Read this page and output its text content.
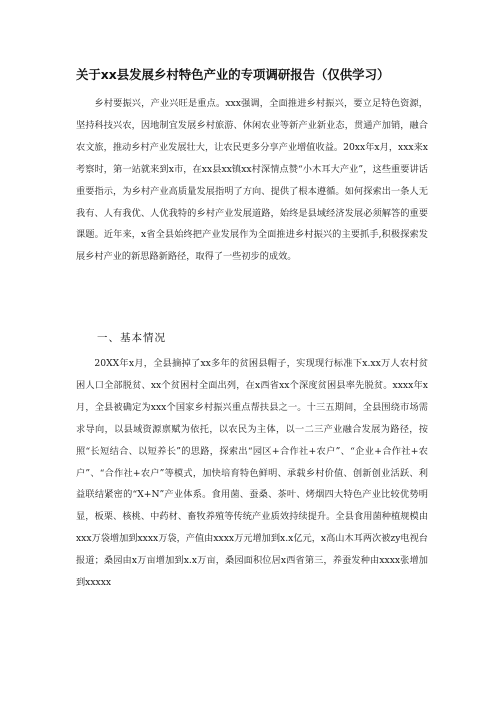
关于xx县发展乡村特色产业的专项调研报告（仅供学习）

乡村要振兴，产业兴旺是重点。xxx强调，全面推进乡村振兴，要立足特色资源，坚持科技兴农，因地制宜发展乡村旅游、休闲农业等新产业新业态，贯通产加销，融合农文旅，推动乡村产业发展壮大，让农民更多分享产业增值收益。20xx年x月，xxx来x考察时，第一站就来到x市，在xx县xx镇xx村深情点赞“小木耳大产业”，这些重要讲话重要指示，为乡村产业高质量发展指明了方向、提供了根本遵循。如何探索出一条人无我有、人有我优、人优我特的乡村产业发展道路，始终是县域经济发展必须解答的重要课题。近年来，x省全县始终把产业发展作为全面推进乡村振兴的主要抓手,积极探索发展乡村产业的新思路新路径，取得了一些初步的成效。

一、基本情况

20XX年x月，全县摘掉了xx多年的贫困县帽子，实现现行标准下x.xx万人农村贫困人口全部脱贫、xx个贫困村全面出列，在x西省xx个深度贫困县率先脱贫。xxxx年x月，全县被确定为xxx个国家乡村振兴重点帮扶县之一。十三五期间，全县围绕市场需求导向，以县域资源禀赋为依托，以农民为主体，以一二三产业融合发展为路径，按照“长短结合、以短养长”的思路，探索出“园区+合作社+农户”、“企业+合作社+农户”、“合作社+农户”等模式，加快培育特色鲜明、承载乡村价值、创新创业活跃、利益联结紧密的“X+N”产业体系。食用菌、蚕桑、茶叶、烤烟四大特色产业比较优势明显，板栗、核桃、中药材、畜牧养殖等传统产业质效持续提升。全县食用菌种植规模由xxx万袋增加到xxxx万袋，产值由xxxx万元增加到x.x亿元，x高山木耳两次被zy电视台报道；桑园由x万亩增加到x.x万亩，桑园面积位居x西省第三，养蚕发种由xxxx张增加到xxxxx
